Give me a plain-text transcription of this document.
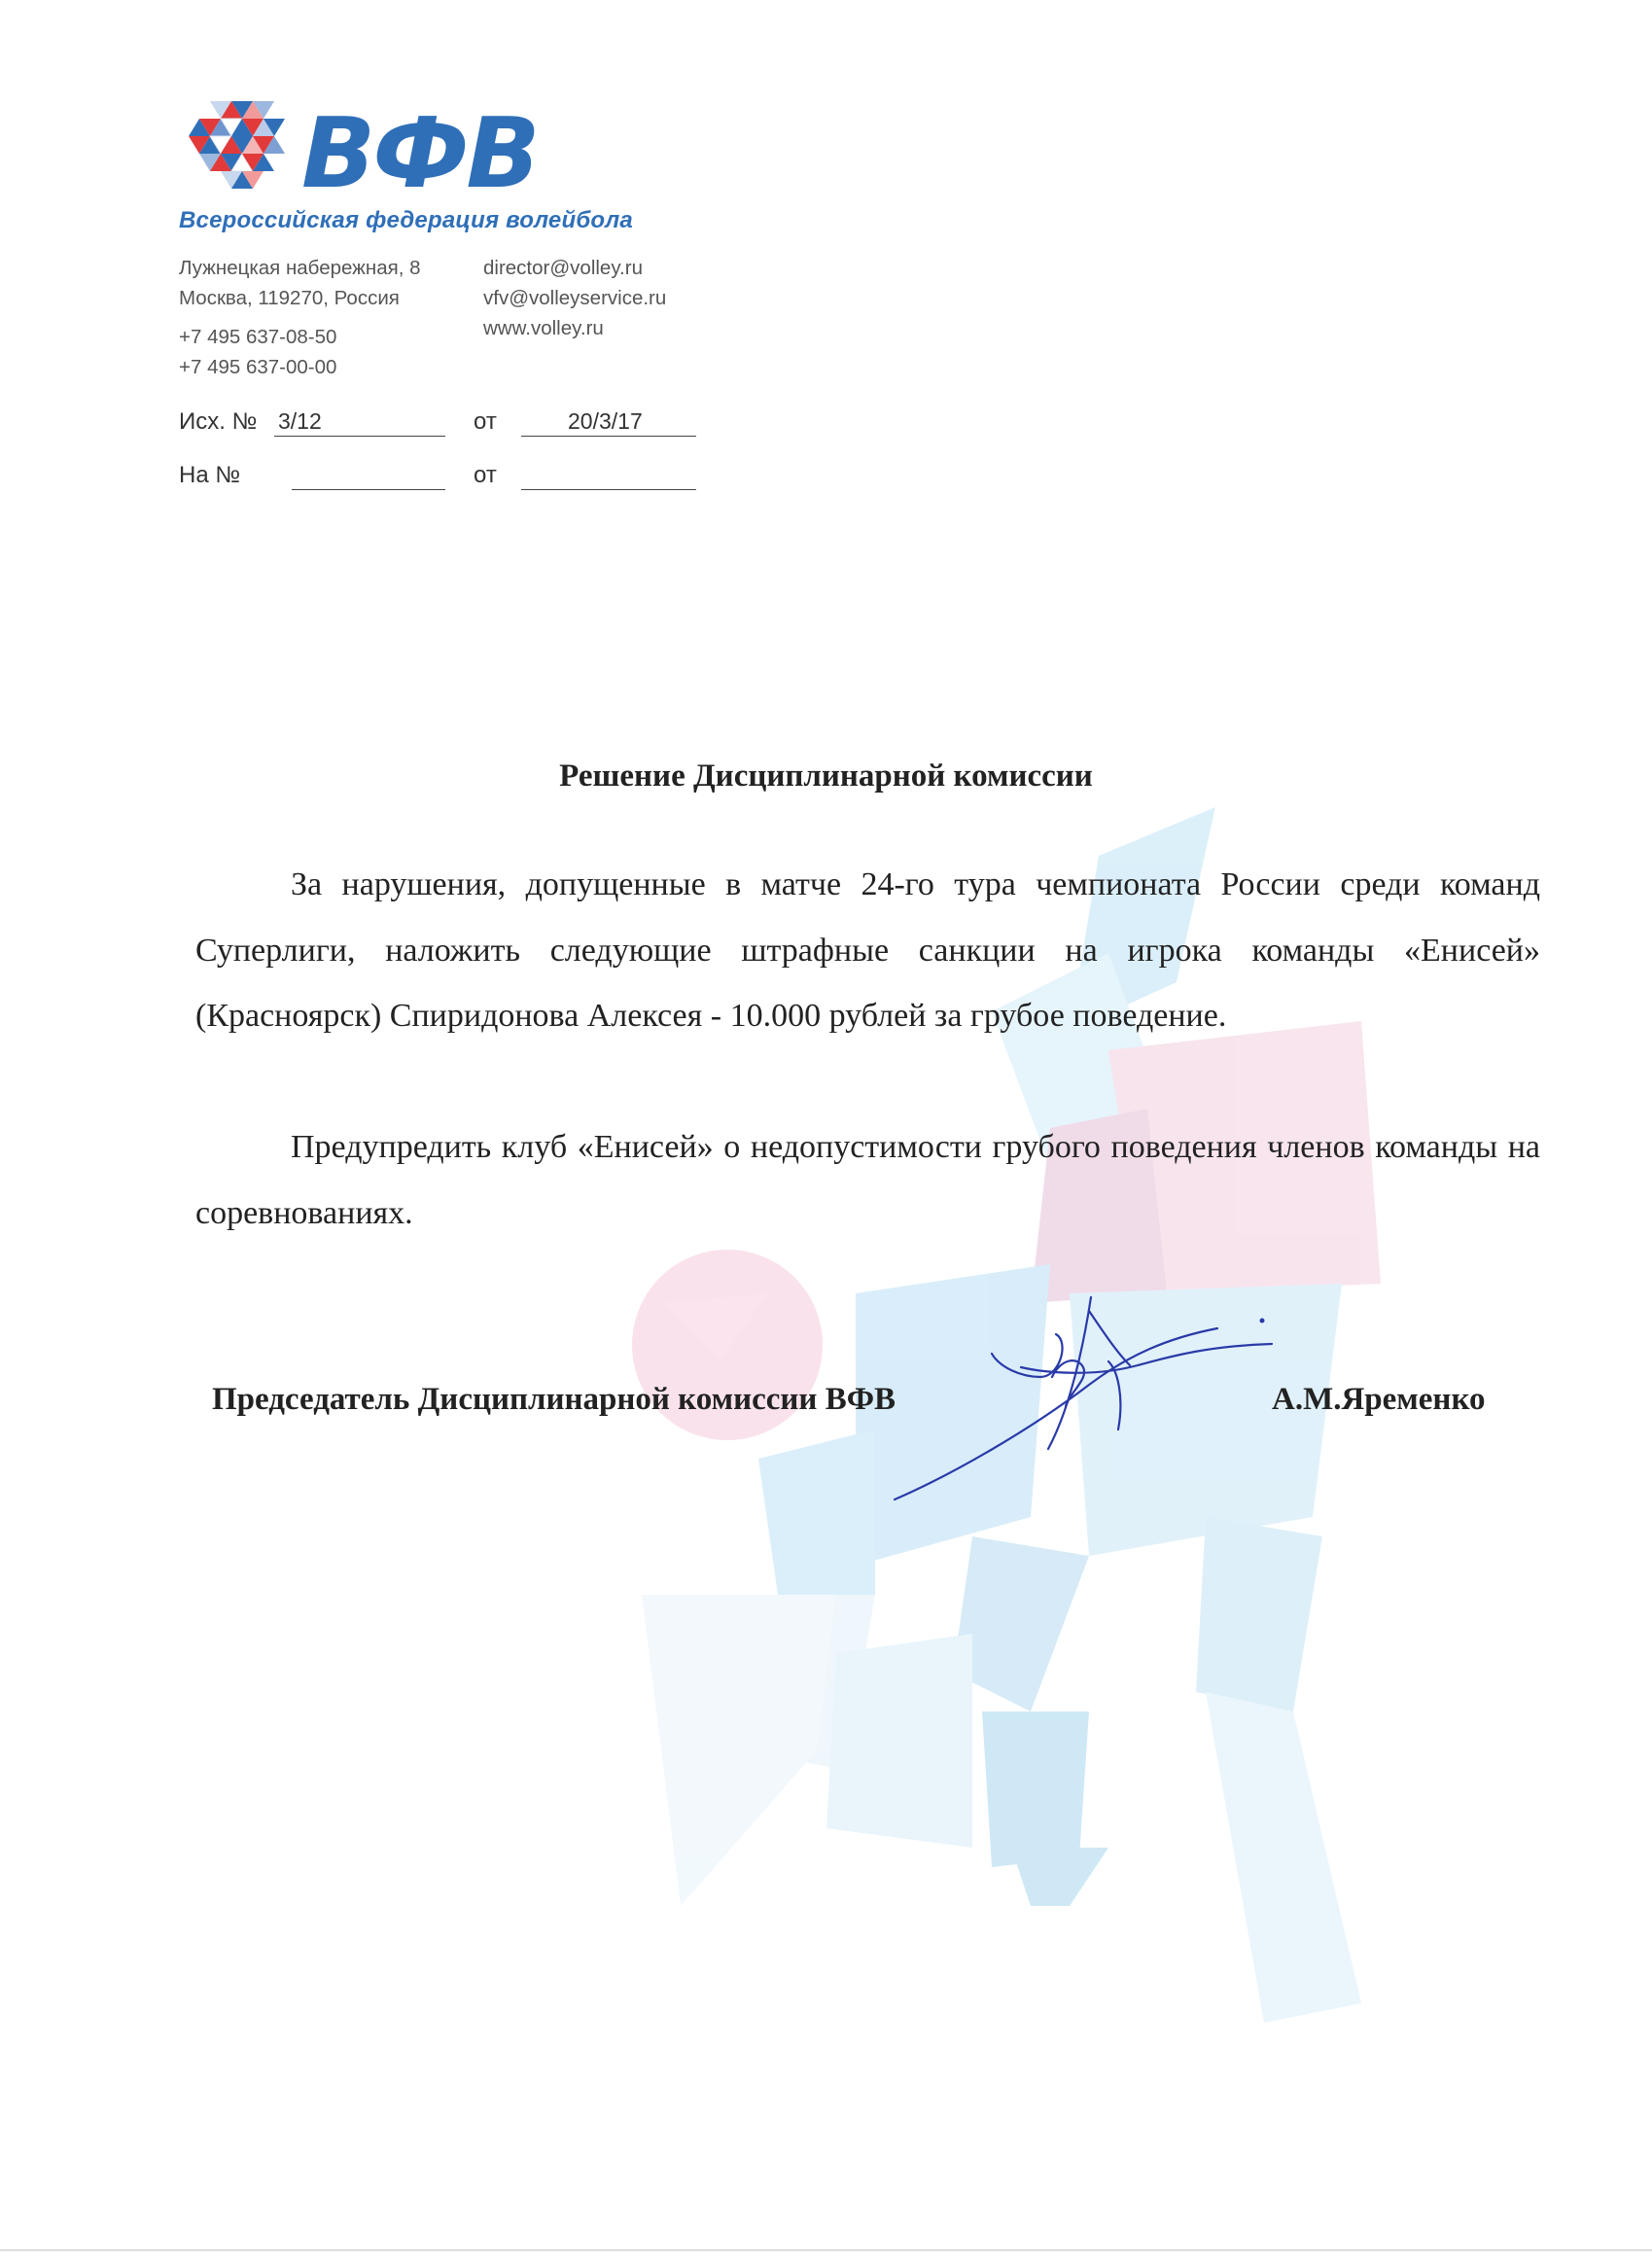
ВФВ
Всероссийская федерация волейбола
Лужнецкая набережная, 8
Москва, 119270, Россия
+7 495 637-08-50
+7 495 637-00-00
director@volley.ru
vfv@volleyservice.ru
www.volley.ru
Исх. № 3/12	от	20/3/17
На №	от
Решение Дисциплинарной комиссии
За нарушения, допущенные в матче 24-го тура чемпионата России среди команд Суперлиги, наложить следующие штрафные санкции на игрока команды «Енисей» (Красноярск) Спиридонова Алексея - 10.000 рублей за грубое поведение.
Предупредить клуб «Енисей» о недопустимости грубого поведения членов команды на соревнованиях.
Председатель Дисциплинарной комиссии ВФВ	А.М.Яременко
